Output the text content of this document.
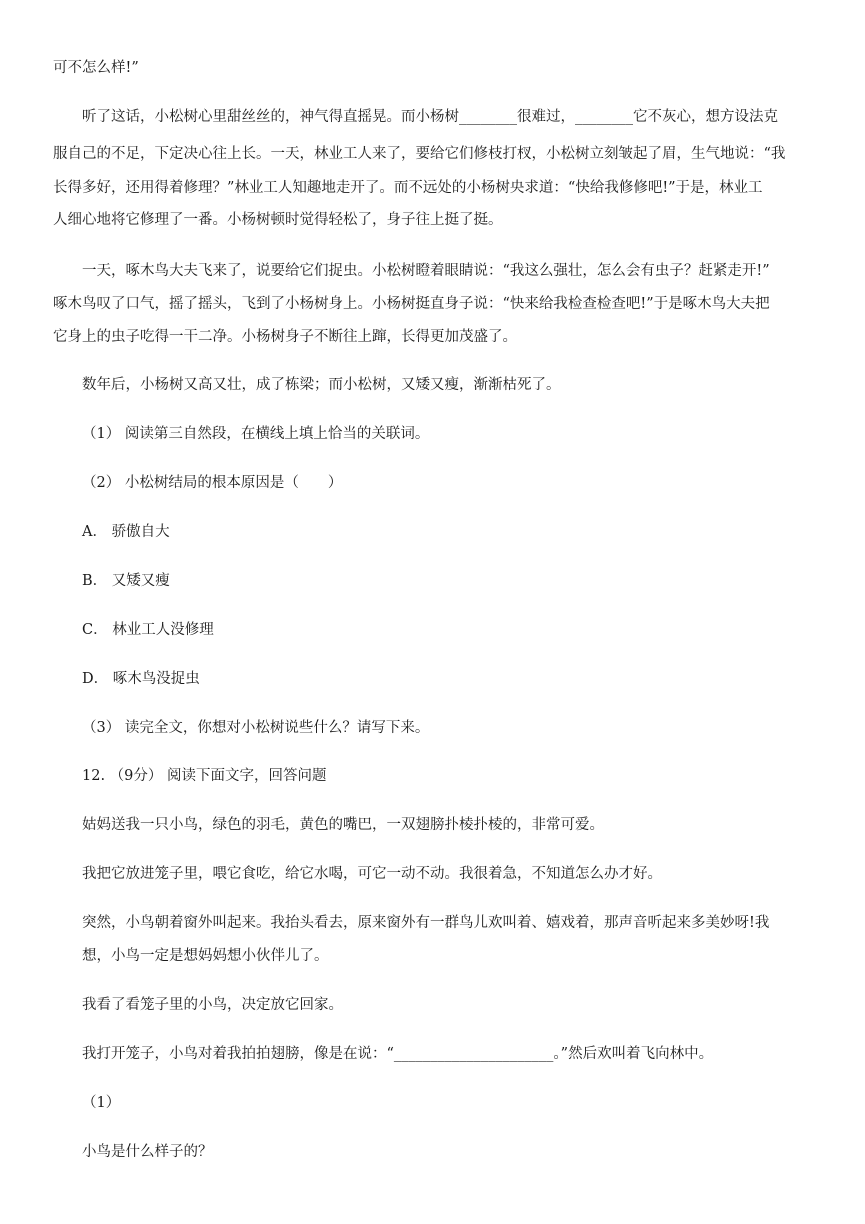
可不怎么样!”
听了这话，小松树心里甜丝丝的，神气得直摇晃。而小杨树________很难过，________它不灰心，想方设法克
服自己的不足，下定决心往上长。一天，林业工人来了，要给它们修枝打杈，小松树立刻皱起了眉，生气地说：“我
长得多好，还用得着修理？”林业工人知趣地走开了。而不远处的小杨树央求道：“快给我修修吧!”于是，林业工
人细心地将它修理了一番。小杨树顿时觉得轻松了，身子往上挺了挺。
一天，啄木鸟大夫飞来了，说要给它们捉虫。小松树瞪着眼睛说：“我这么强壮，怎么会有虫子？赶紧走开!”
啄木鸟叹了口气，摇了摇头，飞到了小杨树身上。小杨树挺直身子说：“快来给我检查检查吧!”于是啄木鸟大夫把
它身上的虫子吃得一干二净。小杨树身子不断往上蹿，长得更加茂盛了。
数年后，小杨树又高又壮，成了栋梁；而小松树，又矮又瘦，渐渐枯死了。
（1） 阅读第三自然段，在横线上填上恰当的关联词。
（2） 小松树结局的根本原因是（　　）
A． 骄傲自大
B． 又矮又瘦
C． 林业工人没修理
D． 啄木鸟没捉虫
（3） 读完全文，你想对小松树说些什么？请写下来。
12. （9分） 阅读下面文字，回答问题
姑妈送我一只小鸟，绿色的羽毛，黄色的嘴巴，一双翅膀扑棱扑棱的，非常可爱。
我把它放进笼子里，喂它食吃，给它水喝，可它一动不动。我很着急，不知道怎么办才好。
突然，小鸟朝着窗外叫起来。我抬头看去，原来窗外有一群鸟儿欢叫着、嬉戏着，那声音听起来多美妙呀!我
想，小鸟一定是想妈妈想小伙伴儿了。
我看了看笼子里的小鸟，决定放它回家。
我打开笼子，小鸟对着我拍拍翅膀，像是在说：“______________________。”然后欢叫着飞向林中。
（1）
小鸟是什么样子的？
